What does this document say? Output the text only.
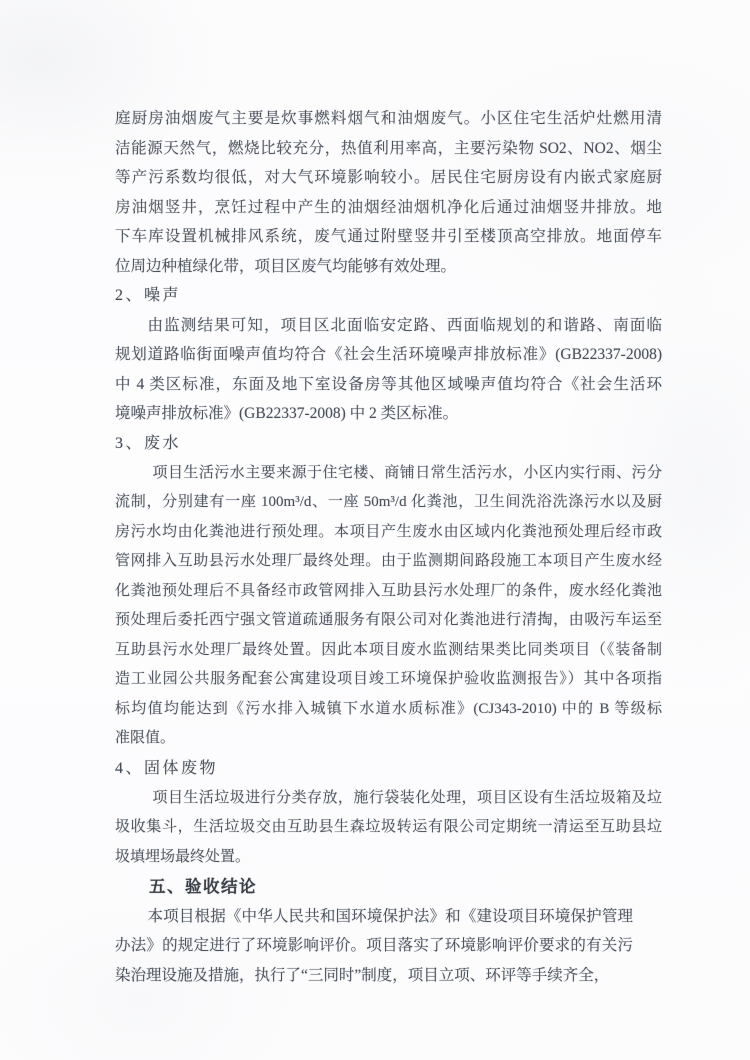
庭厨房油烟废气主要是炊事燃料烟气和油烟废气。小区住宅生活炉灶燃用清
洁能源天然气，燃烧比较充分，热值利用率高，主要污染物 SO2、NO2、烟尘
等产污系数均很低，对大气环境影响较小。居民住宅厨房设有内嵌式家庭厨
房油烟竖井，烹饪过程中产生的油烟经油烟机净化后通过油烟竖井排放。地
下车库设置机械排风系统，废气通过附壁竖井引至楼顶高空排放。地面停车
位周边种植绿化带，项目区废气均能够有效处理。
2、噪声
由监测结果可知，项目区北面临安定路、西面临规划的和谐路、南面临
规划道路临街面噪声值均符合《社会生活环境噪声排放标准》(GB22337-2008)
中 4 类区标准，东面及地下室设备房等其他区域噪声值均符合《社会生活环
境噪声排放标准》(GB22337-2008) 中 2 类区标准。
3、废水
项目生活污水主要来源于住宅楼、商铺日常生活污水，小区内实行雨、污分
流制，分别建有一座 100m³/d、一座 50m³/d 化粪池，卫生间洗浴洗涤污水以及厨
房污水均由化粪池进行预处理。本项目产生废水由区域内化粪池预处理后经市政
管网排入互助县污水处理厂最终处理。由于监测期间路段施工本项目产生废水经
化粪池预处理后不具备经市政管网排入互助县污水处理厂的条件，废水经化粪池
预处理后委托西宁强文管道疏通服务有限公司对化粪池进行清掏，由吸污车运至
互助县污水处理厂最终处置。因此本项目废水监测结果类比同类项目（《装备制
造工业园公共服务配套公寓建设项目竣工环境保护验收监测报告》）其中各项指
标均值均能达到《污水排入城镇下水道水质标准》(CJ343-2010) 中的 B 等级标
准限值。
4、固体废物
项目生活垃圾进行分类存放，施行袋装化处理，项目区设有生活垃圾箱及垃
圾收集斗，生活垃圾交由互助县生森垃圾转运有限公司定期统一清运至互助县垃
圾填埋场最终处置。
五、验收结论
本项目根据《中华人民共和国环境保护法》和《建设项目环境保护管理
办法》的规定进行了环境影响评价。项目落实了环境影响评价要求的有关污
染治理设施及措施，执行了“三同时”制度，项目立项、环评等手续齐全，
